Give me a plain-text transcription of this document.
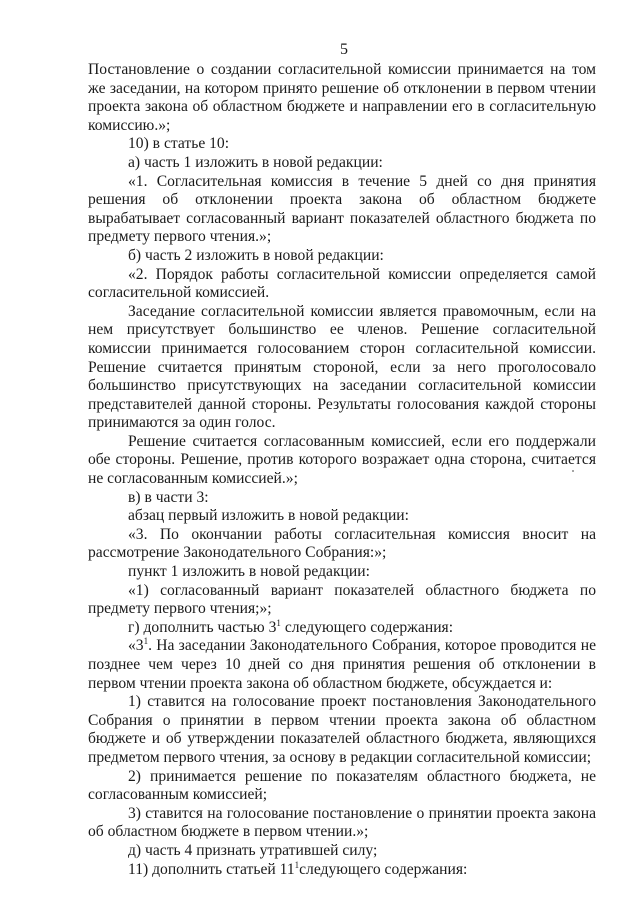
5

Постановление о создании согласительной комиссии принимается на том же заседании, на котором принято решение об отклонении в первом чтении проекта закона об областном бюджете и направлении его в согласительную комиссию.»;

10) в статье 10:

а) часть 1 изложить в новой редакции:

«1. Согласительная комиссия в течение 5 дней со дня принятия решения об отклонении проекта закона об областном бюджете вырабатывает согласованный вариант показателей областного бюджета по предмету первого чтения.»;

б) часть 2 изложить в новой редакции:

«2. Порядок работы согласительной комиссии определяется самой согласительной комиссией.

Заседание согласительной комиссии является правомочным, если на нем присутствует большинство ее членов. Решение согласительной комиссии принимается голосованием сторон согласительной комиссии. Решение считается принятым стороной, если за него проголосовало большинство присутствующих на заседании согласительной комиссии представителей данной стороны. Результаты голосования каждой стороны принимаются за один голос.

Решение считается согласованным комиссией, если его поддержали обе стороны. Решение, против которого возражает одна сторона, считается не согласованным комиссией.»;

в) в части 3:

абзац первый изложить в новой редакции:

«3. По окончании работы согласительная комиссия вносит на рассмотрение Законодательного Собрания:»;

пункт 1 изложить в новой редакции:

«1) согласованный вариант показателей областного бюджета по предмету первого чтения;»;

г) дополнить частью $3^1$ следующего содержания:

«$3^1$. На заседании Законодательного Собрания, которое проводится не позднее чем через 10 дней со дня принятия решения об отклонении в первом чтении проекта закона об областном бюджете, обсуждается и:

1) ставится на голосование проект постановления Законодательного Собрания о принятии в первом чтении проекта закона об областном бюджете и об утверждении показателей областного бюджета, являющихся предметом первого чтения, за основу в редакции согласительной комиссии;

2) принимается решение по показателям областного бюджета, не согласованным комиссией;

3) ставится на голосование постановление о принятии проекта закона об областном бюджете в первом чтении.»;

д) часть 4 признать утратившей силу;

11) дополнить статьей $11^1следующего$ содержания:
